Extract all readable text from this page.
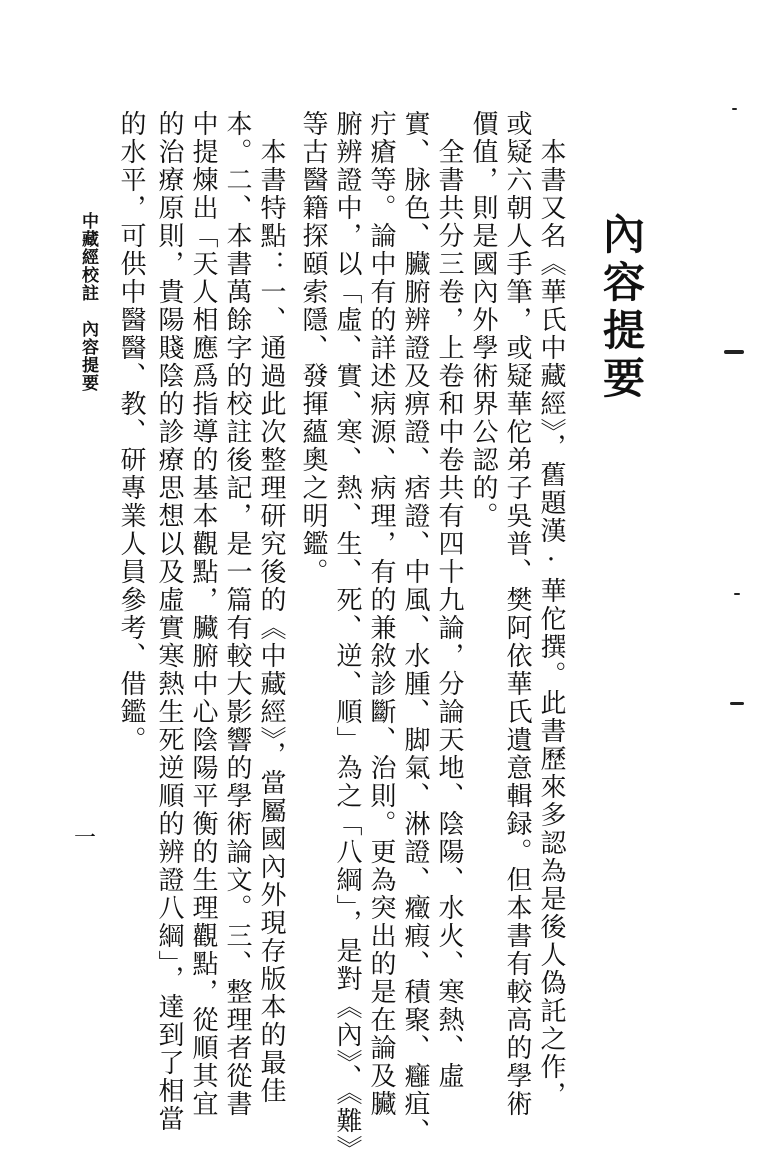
內容提要
本書又名《華氏中藏經》，舊題漢·華佗撰。此書歷來多認為是後人偽託之作，
或疑六朝人手筆，或疑華佗弟子吳普、樊阿依華氏遺意輯録。但本書有較高的學術
價值，則是國內外學術界公認的。
全書共分三卷，上卷和中卷共有四十九論，分論天地、陰陽、水火、寒熱、虛
實、脉色、臟腑辨證及痹證、痞證、中風、水腫、脚氣、淋證、癥瘕、積聚、癰疽、
疔瘡等。論中有的詳述病源、病理，有的兼敘診斷、治則。更為突出的是在論及臟
腑辨證中，以「虛、實、寒、熱、生、死、逆、順」為之「八綱」，是對《內》、《難》
等古醫籍探頤索隱、發揮蘊奧之明鑑。
本書特點：一、通過此次整理研究後的《中藏經》，當屬國內外現存版本的最佳
本。二、本書萬餘字的校註後記，是一篇有較大影響的學術論文。三、整理者從書
中提煉出「天人相應爲指導的基本觀點，臟腑中心陰陽平衡的生理觀點，從順其宜
的治療原則，貴陽賤陰的診療思想以及虛實寒熱生死逆順的辨證八綱」，達到了相當
的水平，可供中醫醫、教、研專業人員參考、借鑑。
中藏經校註
內容提要
一
